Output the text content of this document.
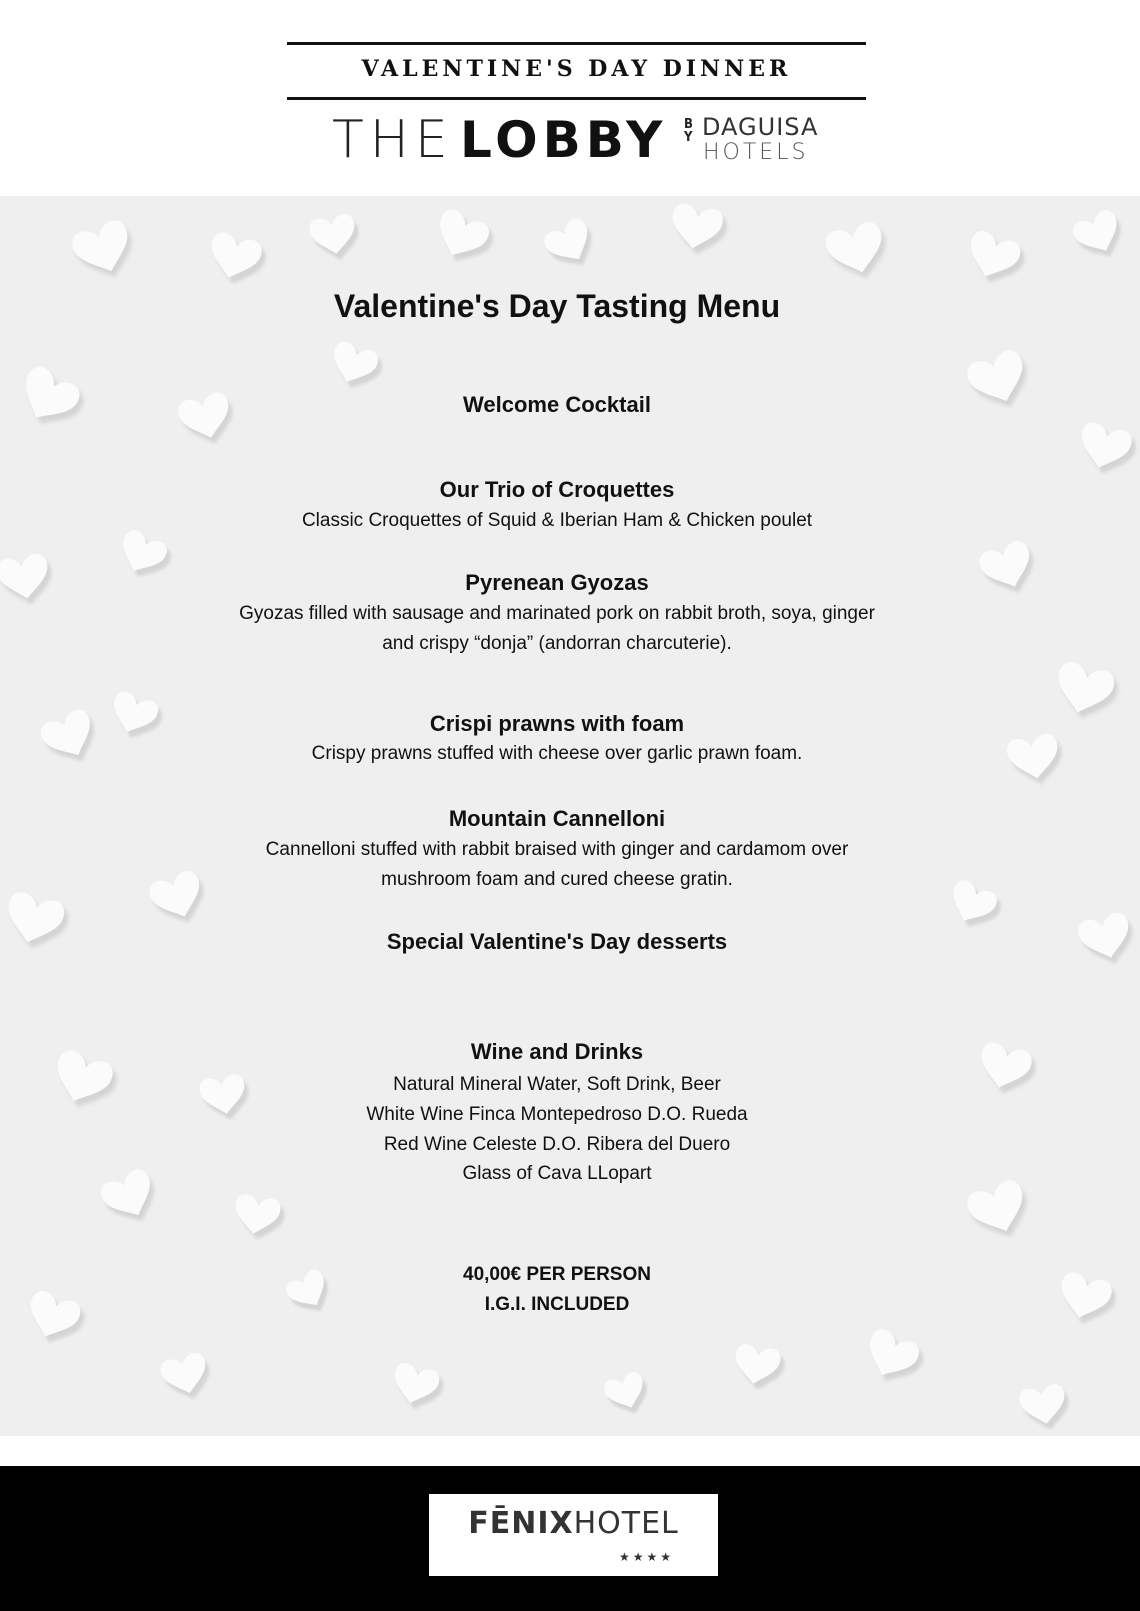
VALENTINE'S DAY DINNER
THE LOBBY BY DAGUISA
HOTELS
Valentine's Day Tasting Menu
Welcome Cocktail
Our Trio of Croquettes
Classic Croquettes of Squid & Iberian Ham & Chicken poulet
Pyrenean Gyozas
Gyozas filled with sausage and marinated pork on rabbit broth, soya, ginger
and crispy “donja” (andorran charcuterie).
Crispi prawns with foam
Crispy prawns stuffed with cheese over garlic prawn foam.
Mountain Cannelloni
Cannelloni stuffed with rabbit braised with ginger and cardamom over
mushroom foam and cured cheese gratin.
Special Valentine's Day desserts
Wine and Drinks
Natural Mineral Water, Soft Drink, Beer
White Wine Finca Montepedroso D.O. Rueda
Red Wine Celeste D.O. Ribera del Duero
Glass of Cava LLopart
40,00€ PER PERSON
I.G.I. INCLUDED
FĒNIXHOTEL
★★★★
